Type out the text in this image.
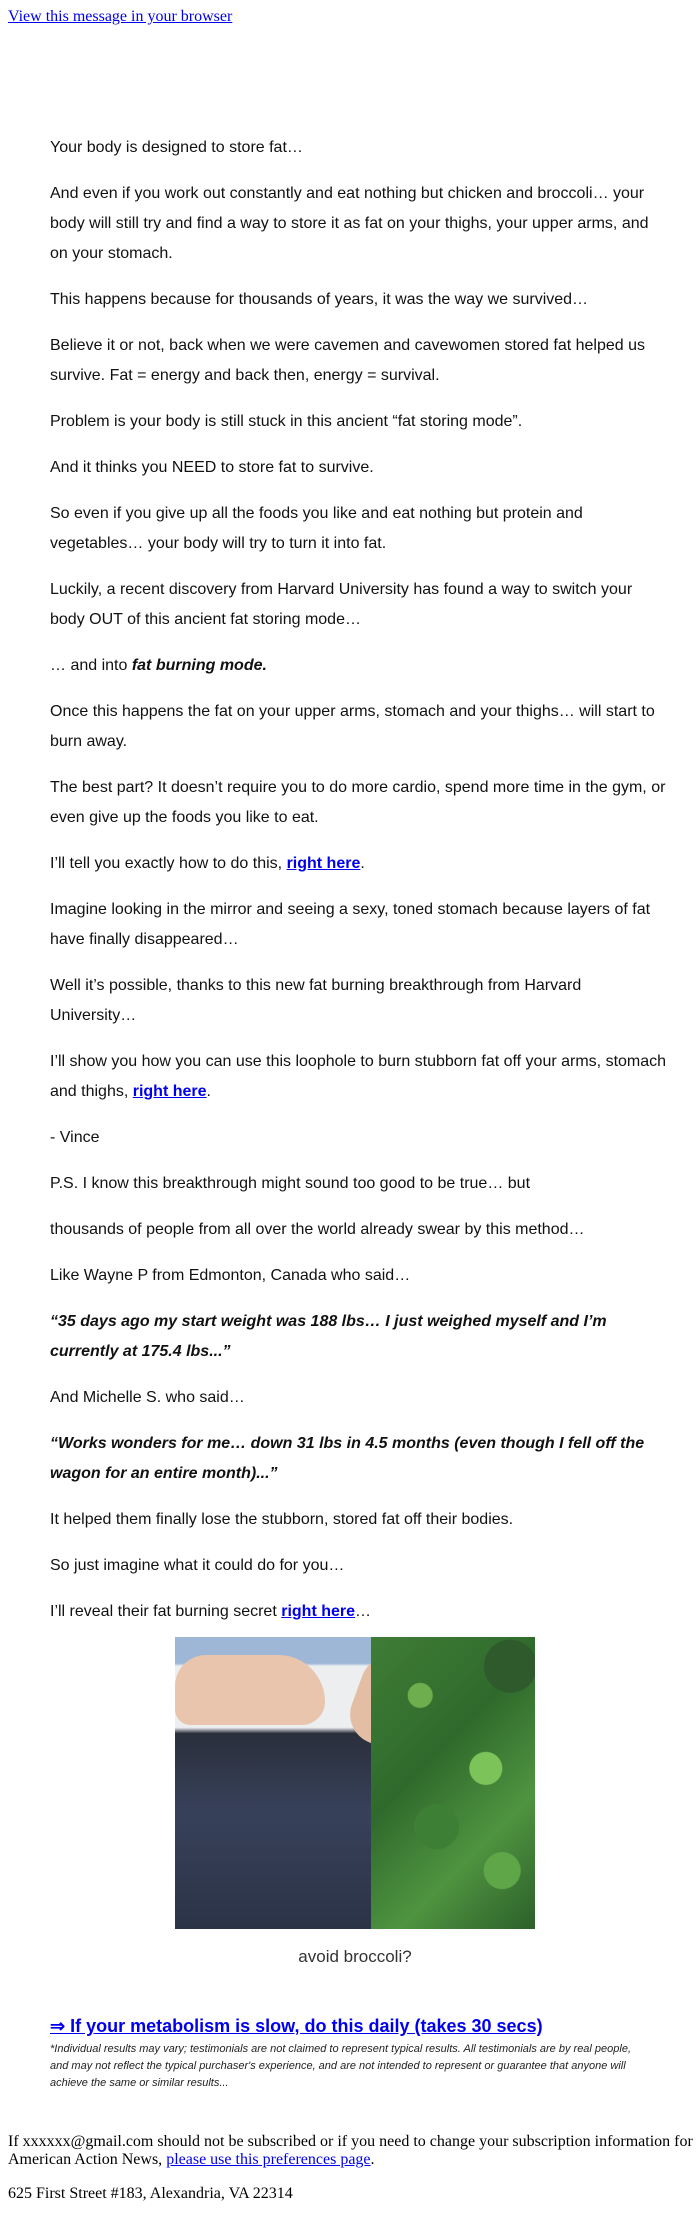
View this message in your browser

Your body is designed to store fat…

And even if you work out constantly and eat nothing but chicken and broccoli… your body will still try and find a way to store it as fat on your thighs, your upper arms, and on your stomach.

This happens because for thousands of years, it was the way we survived…

Believe it or not, back when we were cavemen and cavewomen stored fat helped us survive. Fat = energy and back then, energy = survival.

Problem is your body is still stuck in this ancient “fat storing mode”.

And it thinks you NEED to store fat to survive.

So even if you give up all the foods you like and eat nothing but protein and vegetables… your body will try to turn it into fat.

Luckily, a recent discovery from Harvard University has found a way to switch your body OUT of this ancient fat storing mode…

… and into fat burning mode.

Once this happens the fat on your upper arms, stomach and your thighs… will start to burn away.

The best part? It doesn’t require you to do more cardio, spend more time in the gym, or even give up the foods you like to eat.

I’ll tell you exactly how to do this, right here.

Imagine looking in the mirror and seeing a sexy, toned stomach because layers of fat have finally disappeared…

Well it’s possible, thanks to this new fat burning breakthrough from Harvard University…

I’ll show you how you can use this loophole to burn stubborn fat off your arms, stomach and thighs, right here.

- Vince

P.S. I know this breakthrough might sound too good to be true… but

thousands of people from all over the world already swear by this method…

Like Wayne P from Edmonton, Canada who said…

“35 days ago my start weight was 188 lbs… I just weighed myself and I’m currently at 175.4 lbs...”

And Michelle S. who said…

“Works wonders for me… down 31 lbs in 4.5 months (even though I fell off the wagon for an entire month)...”

It helped them finally lose the stubborn, stored fat off their bodies.

So just imagine what it could do for you…

I’ll reveal their fat burning secret right here…

avoid broccoli?
⇒ If your metabolism is slow, do this daily (takes 30 secs)
*Individual results may vary; testimonials are not claimed to represent typical results. All testimonials are by real people, and may not reflect the typical purchaser's experience, and are not intended to represent or guarantee that anyone will achieve the same or similar results...

If xxxxxx@gmail.com should not be subscribed or if you need to change your subscription information for American Action News, please use this preferences page.

625 First Street #183, Alexandria, VA 22314
